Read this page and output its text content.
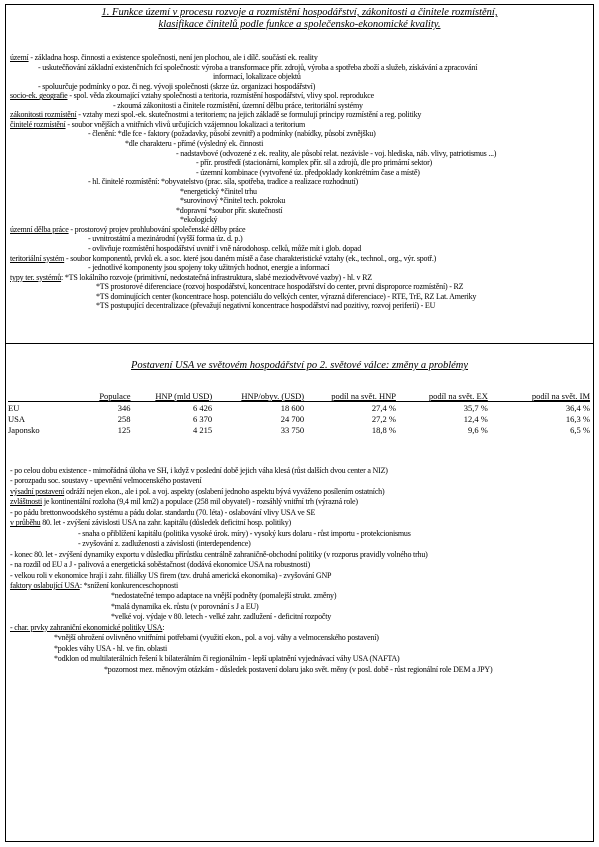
1. Funkce území v procesu rozvoje a rozmístění hospodářství, zákonitosti a činitele rozmístění,
klasifikace činitelů podle funkce a společensko-ekonomické kvality.
území - základna hosp. činnosti a existence společnosti, není jen plochou, ale i dílč. součástí ek. reality
- uskutečňování základní existenčních fcí společnosti: výroba a transformace přír. zdrojů, výroba a spotřeba zboží a služeb, získávání a zpracování
informací, lokalizace objektů
- spoluurčuje podmínky o poz. či neg. vývoji společnosti (skrze úz. organizaci hospodářství)
socio-ek. geografie - spol. věda zkoumající vztahy společnosti a teritoria, rozmístění hospodářství, vlivy spol. reprodukce
- zkoumá zákonitosti a činitele rozmístění, územní dělbu práce, teritoriální systémy
zákonitosti rozmístění - vztahy mezi spol.-ek. skutečnostmi a teritoriem; na jejich základě se formulují principy rozmístění a reg. politiky
činitelé rozmístění - soubor vnějších a vnitřních vlivů určujících vzájemnou lokalizaci a teritorium
- členění: *dle fce - faktory (požadavky, působí zevnitř) a podmínky (nabídky, působí zvnějšku)
*dle charakteru - přímé (výsledný ek. činnosti
- nadstavbové (odvozené z ek. reality, ale působí relat. nezávisle - voj. hlediska, náb. vlivy, patriotismus ...)
- přír. prostředí (stacionární, komplex přír. sil a zdrojů, dle pro primární sektor)
- územní kombinace (vytvořené úz. předpoklady konkrétním čase a místě)
- hl. činitelé rozmístění: *obyvatelstvo (prac. síla, spotřeba, tradice a realizace rozhodnutí)
*energetický *činitel trhu
*surovinový *činitel tech. pokroku
*dopravní *soubor přír. skutečností
*ekologický
územní dělba práce - prostorový projev prohlubování společenské dělby práce
- uvnitrostátní a mezinárodní (vyšší forma úz. d. p.)
- ovlivňuje rozmístění hospodářství uvnitř i vně národohosp. celků, může mít i glob. dopad
teritoriální systém - soubor komponentů, prvků ek. a soc. které jsou daném místě a čase charakteristické vztahy (ek., technol., org., výr. spotř.)
- jednotlivé komponenty jsou spojeny toky užitných hodnot, energie a informací
typy ter. systémů: *TS lokálního rozvoje (primitivní, nedostatečná infrastruktura, slabé meziodvětvové vazby) - hl. v RZ
*TS prostorové diferenciace (rozvoj hospodářství, koncentrace hospodářství do center, první disproporce rozmístění) - RZ
*TS dominujících center (koncentrace hosp. potenciálu do velkých center, výrazná diferenciace) - RTE, TrE, RZ Lat. Ameriky
*TS postupující decentralizace (převažují negativní koncentrace hospodářství nad pozitivy, rozvoj periferií) - EU
Postavení USA ve světovém hospodářství po 2. světové válce: změny a problémy
	Populace	HNP (mld USD)	HNP/obyv. (USD)	podíl na svět. HNP	podíl na svět. EX	podíl na svět. IM
EU	346	6 426	18 600	27,4 %	35,7 %	36,4 %
USA	258	6 370	24 700	27,2 %	12,4 %	16,3 %
Japonsko	125	4 215	33 750	18,8 %	9,6 %	6,5 %
- po celou dobu existence - mimořádná úloha ve SH, i když v poslední době jejich váha klesá (růst dalších dvou center a NIZ)
- porozpadu soc. soustavy - upevnění velmocenského postavení
výsadní postavení odráží nejen ekon., ale i pol. a voj. aspekty (oslabení jednoho aspektu bývá vyváženo posílením ostatních)
zvláštnosti je kontinentální rozloha (9,4 mil km2) a populace (258 mil obyvatel) - rozsáhlý vnitřní trh (výrazná role)
- po pádu brettonwoodského systému a pádu dolar. standardu (70. léta) - oslabování vlivy USA ve SE
v průběhu 80. let - zvýšení závislosti USA na zahr. kapitálu (důsledek deficitní hosp. politiky)
- snaha o přiblížení kapitálu (politika vysoké úrok. míry) - vysoký kurs dolaru - růst importu - protekcionismus
- zvyšování z. zadluženosti a závislosti (interdependence)
- konec 80. let - zvýšení dynamiky exportu v důsledku přírůstku centrálně zahraničně-obchodní politiky (v rozporus pravidly volného trhu)
- na rozdíl od EU a J - palivová a energetická soběstačnost (dodává ekonomice USA na robustnosti)
- velkou roli v ekonomice hrají i zahr. filiálky US firem (tzv. druhá americká ekonomika) - zvyšování GNP
faktory oslabující USA: *snížení konkurenceschopnosti
*nedostatečné tempo adaptace na vnější podněty (pomalejší strukt. změny)
*malá dynamika ek. růstu (v porovnání s J a EU)
*velké voj. výdaje v 80. letech - velké zahr. zadlužení - deficitní rozpočty
- char. prvky zahraniční ekonomické politiky USA:
*vnější ohrožení ovlivněno vnitřními potřebami (využití ekon., pol. a voj. váhy a velmocenského postavení)
*pokles váhy USA - hl. ve fin. oblasti
*odklon od multilaterálních řešení k bilaterálním či regionálním - lepší uplatnění vyjednávací váhy USA (NAFTA)
*pozornost mez. měnovým otázkám - důsledek postavení dolaru jako svět. měny (v posl. době - růst regionální role DEM a JPY)
